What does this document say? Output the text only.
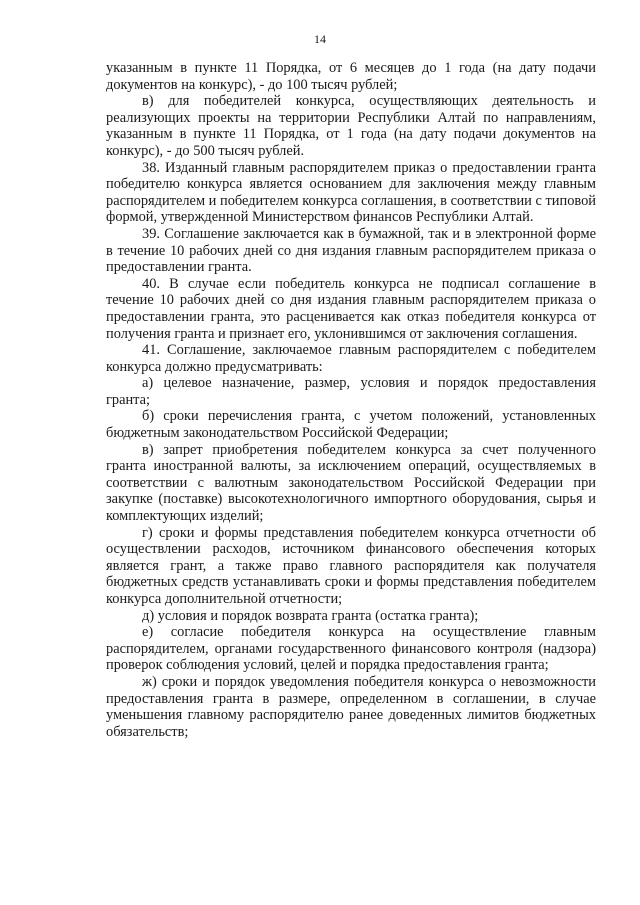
14

указанным в пункте 11 Порядка, от 6 месяцев до 1 года (на дату подачи документов на конкурс), - до 100 тысяч рублей;

в) для победителей конкурса, осуществляющих деятельность и реализующих проекты на территории Республики Алтай по направлениям, указанным в пункте 11 Порядка, от 1 года (на дату подачи документов на конкурс), - до 500 тысяч рублей.

38. Изданный главным распорядителем приказ о предоставлении гранта победителю конкурса является основанием для заключения между главным распорядителем и победителем конкурса соглашения, в соответствии с типовой формой, утвержденной Министерством финансов Республики Алтай.

39. Соглашение заключается как в бумажной, так и в электронной форме в течение 10 рабочих дней со дня издания главным распорядителем приказа о предоставлении гранта.

40. В случае если победитель конкурса не подписал соглашение в течение 10 рабочих дней со дня издания главным распорядителем приказа о предоставлении гранта, это расценивается как отказ победителя конкурса от получения гранта и признает его, уклонившимся от заключения соглашения.

41. Соглашение, заключаемое главным распорядителем с победителем конкурса должно предусматривать:

а) целевое назначение, размер, условия и порядок предоставления гранта;

б) сроки перечисления гранта, с учетом положений, установленных бюджетным законодательством Российской Федерации;

в) запрет приобретения победителем конкурса за счет полученного гранта иностранной валюты, за исключением операций, осуществляемых в соответствии с валютным законодательством Российской Федерации при закупке (поставке) высокотехнологичного импортного оборудования, сырья и комплектующих изделий;

г) сроки и формы представления победителем конкурса отчетности об осуществлении расходов, источником финансового обеспечения которых является грант, а также право главного распорядителя как получателя бюджетных средств устанавливать сроки и формы представления победителем конкурса дополнительной отчетности;

д) условия и порядок возврата гранта (остатка гранта);

е) согласие победителя конкурса на осуществление главным распорядителем, органами государственного финансового контроля (надзора) проверок соблюдения условий, целей и порядка предоставления гранта;

ж) сроки и порядок уведомления победителя конкурса о невозможности предоставления гранта в размере, определенном в соглашении, в случае уменьшения главному распорядителю ранее доведенных лимитов бюджетных обязательств;
